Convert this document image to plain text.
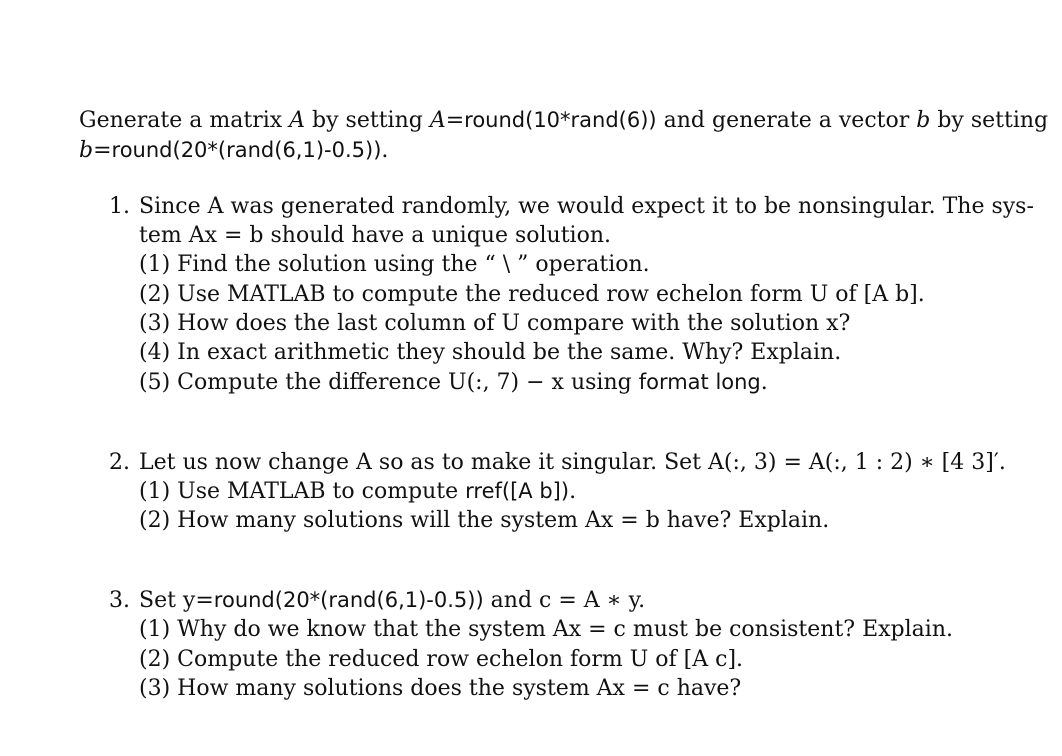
Generate a matrix A by setting A=round(10*rand(6)) and generate a vector b by setting
b=round(20*(rand(6,1)-0.5)).
1. Since A was generated randomly, we would expect it to be nonsingular. The sys-
tem Ax = b should have a unique solution.
(1) Find the solution using the “ \ ” operation.
(2) Use MATLAB to compute the reduced row echelon form U of [A b].
(3) How does the last column of U compare with the solution x?
(4) In exact arithmetic they should be the same. Why? Explain.
(5) Compute the difference U(:, 7) − x using format long.
2. Let us now change A so as to make it singular. Set A(:, 3) = A(:, 1 : 2) ∗ [4 3]′.
(1) Use MATLAB to compute rref([A b]).
(2) How many solutions will the system Ax = b have? Explain.
3. Set y=round(20*(rand(6,1)-0.5)) and c = A ∗ y.
(1) Why do we know that the system Ax = c must be consistent? Explain.
(2) Compute the reduced row echelon form U of [A c].
(3) How many solutions does the system Ax = c have?
